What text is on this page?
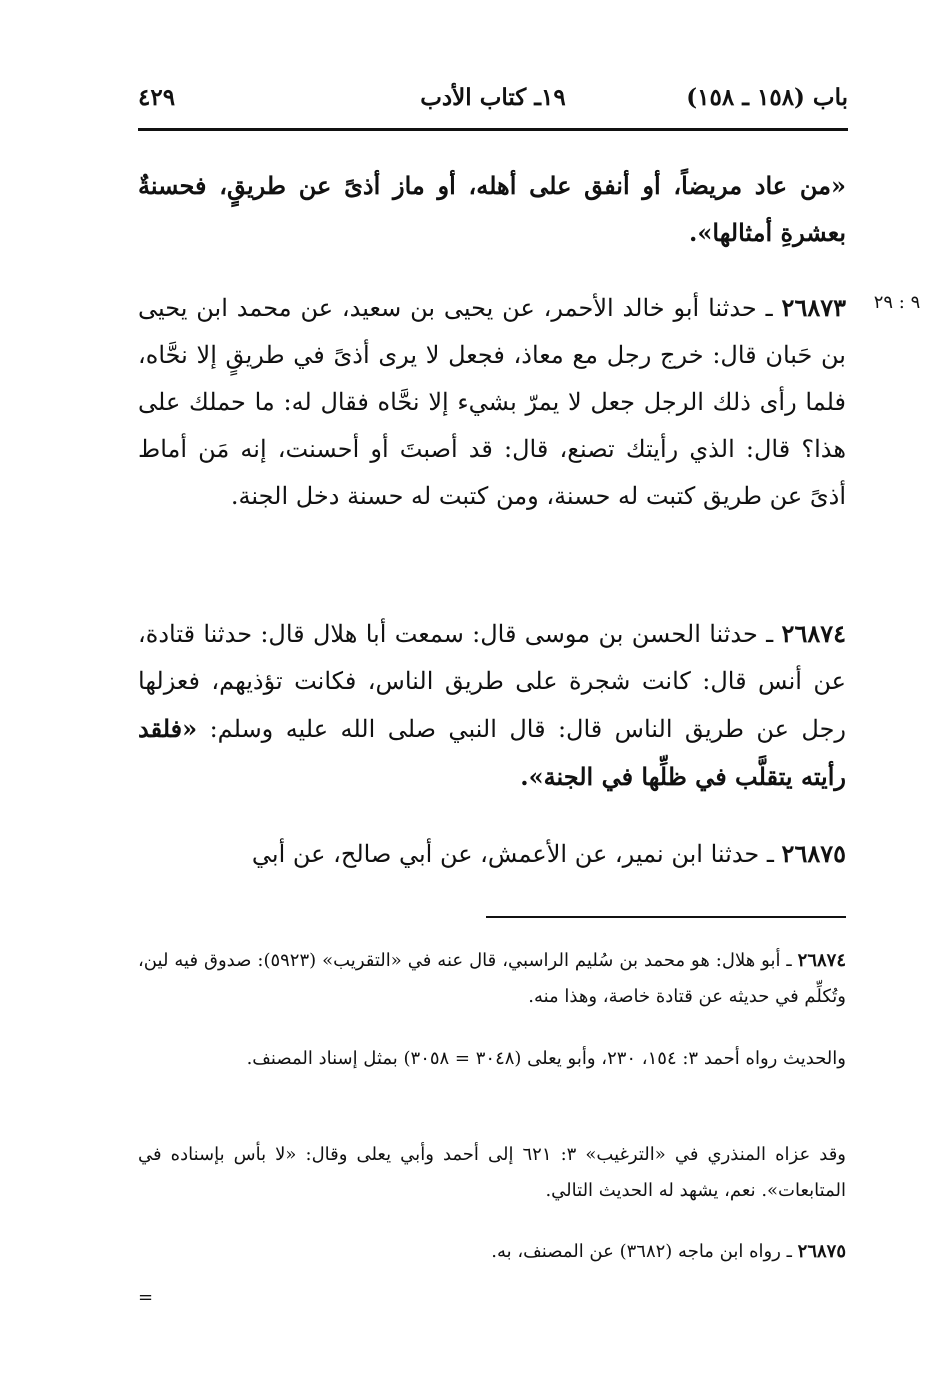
باب (١٥٨ ـ ١٥٨)
١٩ـ كتاب الأدب
٤٢٩

«من عاد مريضاً، أو أنفق على أهله، أو ماز أذىً عن طريقٍ، فحسنةٌ بعشرةِ أمثالها».

٩ : ٢٩

٢٦٨٧٣ ـ حدثنا أبو خالد الأحمر، عن يحيى بن سعيد، عن محمد ابن يحيى بن حَبان قال: خرج رجل مع معاذ، فجعل لا يرى أذىً في طريقٍ إلا نحَّاه، فلما رأى ذلك الرجل جعل لا يمرّ بشيء إلا نحَّاه فقال له: ما حملك على هذا؟ قال: الذي رأيتك تصنع، قال: قد أصبتَ أو أحسنت، إنه مَن أماط أذىً عن طريق كتبت له حسنة، ومن كتبت له حسنة دخل الجنة.

٢٦٨٧٤ ـ حدثنا الحسن بن موسى قال: سمعت أبا هلال قال: حدثنا قتادة، عن أنس قال: كانت شجرة على طريق الناس، فكانت تؤذيهم، فعزلها رجل عن طريق الناس قال: قال النبي صلى الله عليه وسلم: «فلقد رأيته يتقلَّب في ظلِّها في الجنة».

٢٦٨٧٥ ـ حدثنا ابن نمير، عن الأعمش، عن أبي صالح، عن أبي

٢٦٨٧٤ ـ أبو هلال: هو محمد بن سُليم الراسبي، قال عنه في «التقريب» (٥٩٢٣): صدوق فيه لين، وتُكلِّم في حديثه عن قتادة خاصة، وهذا منه.

والحديث رواه أحمد ٣: ١٥٤، ٢٣٠، وأبو يعلى (٣٠٤٨ = ٣٠٥٨) بمثل إسناد المصنف.

وقد عزاه المنذري في «الترغيب» ٣: ٦٢١ إلى أحمد وأبي يعلى وقال: «لا بأس بإسناده في المتابعات». نعم، يشهد له الحديث التالي.

٢٦٨٧٥ ـ رواه ابن ماجه (٣٦٨٢) عن المصنف، به.

=
